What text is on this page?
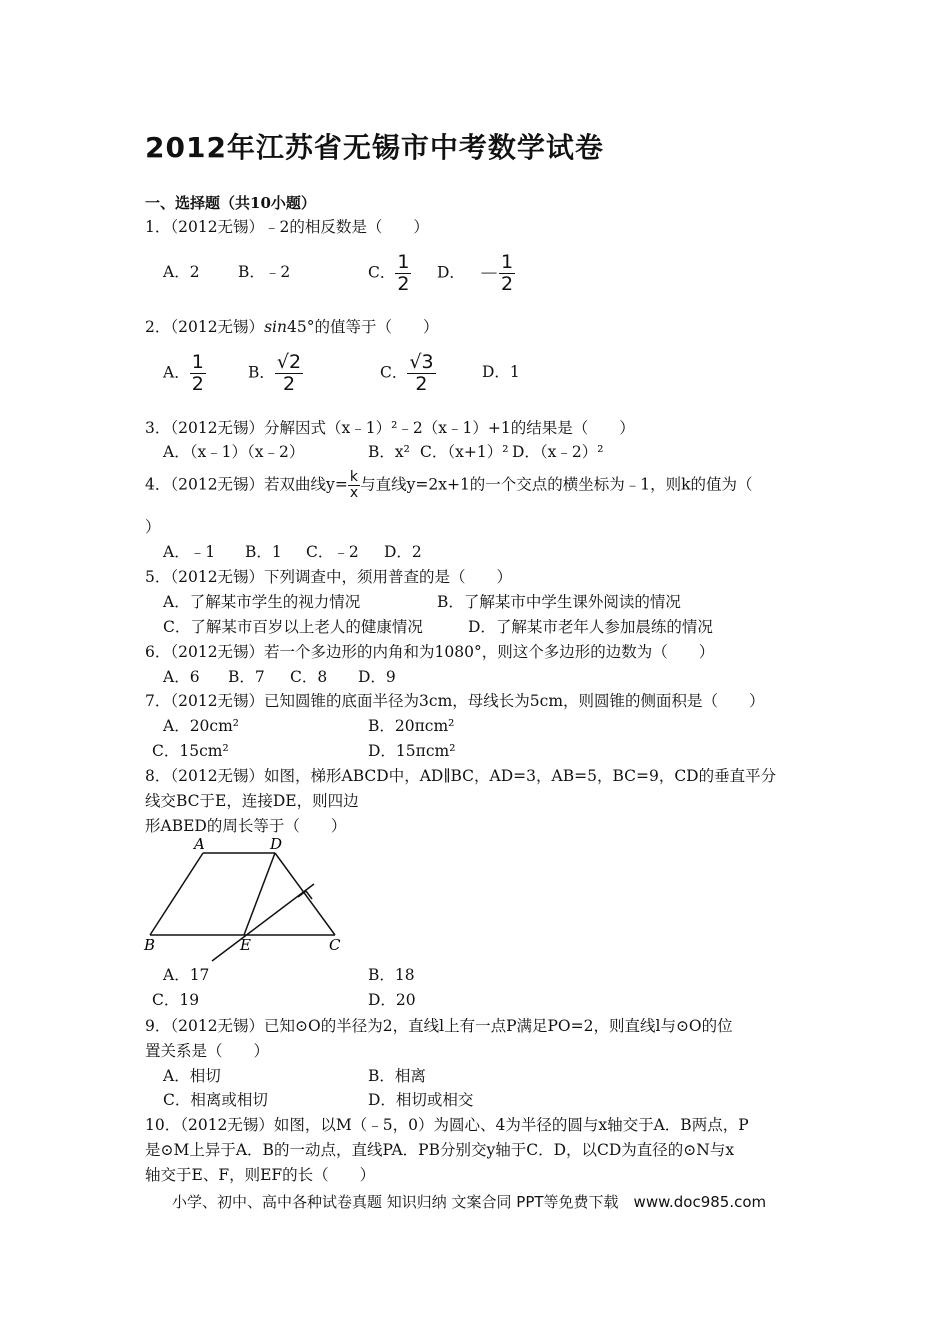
2012年江苏省无锡市中考数学试卷
一、选择题（共10小题）
1．（2012无锡）﹣2的相反数是（　　）
A．2 B．﹣2	C． $\frac{1}{2}$ D． － $\frac{1}{2}$
2．（2012无锡）sin45°的值等于（　　）
A． $\frac{1}{2}$	B． $\frac{√2}{2}$	C． $\frac{√3}{2}$	D．1
3．（2012无锡）分解因式（x﹣1）²﹣2（x﹣1）+1的结果是（　　）
A．（x﹣1）（x﹣2）	B．x² C．（x+1）² D．（x﹣2）²
4．（2012无锡）若双曲线$y= \frac{k}{x}$ 与直线y=2x+1的一个交点的横坐标为﹣1，则k的值为（
）
A．﹣1 B．1 C．﹣2 D．2
5．（2012无锡）下列调查中，须用普查的是（　　）
A．了解某市学生的视力情况	B．了解某市中学生课外阅读的情况
C．了解某市百岁以上老人的健康情况	D．了解某市老年人参加晨练的情况
6．（2012无锡）若一个多边形的内角和为1080°，则这个多边形的边数为（　　）
A．6 B．7 C．8 D．9
7．（2012无锡）已知圆锥的底面半径为3cm，母线长为5cm，则圆锥的侧面积是（　　）
A．20cm²	B．20πcm²
C．15cm²	D．15πcm²
8．（2012无锡）如图，梯形ABCD中，AD∥BC，AD=3，AB=5，BC=9，CD的垂直平分
线交BC于E，连接DE，则四边
形ABED的周长等于（　　）
A	D
B	E	C
A．17	B．18
C．19	D．20
9．（2012无锡）已知⊙O的半径为2，直线l上有一点P满足PO=2，则直线l与⊙O的位
置关系是（　　）
A．相切	B．相离
C．相离或相切	D．相切或相交
10．（2012无锡）如图，以M（﹣5，0）为圆心、4为半径的圆与x轴交于A．B两点，P
是⊙M上异于A．B的一动点，直线PA．PB分别交y轴于C．D，以CD为直径的⊙N与x
轴交于E、F，则EF的长（　　）
小学、初中、高中各种试卷真题 知识归纳 文案合同 PPT等免费下载　www.doc985.com
